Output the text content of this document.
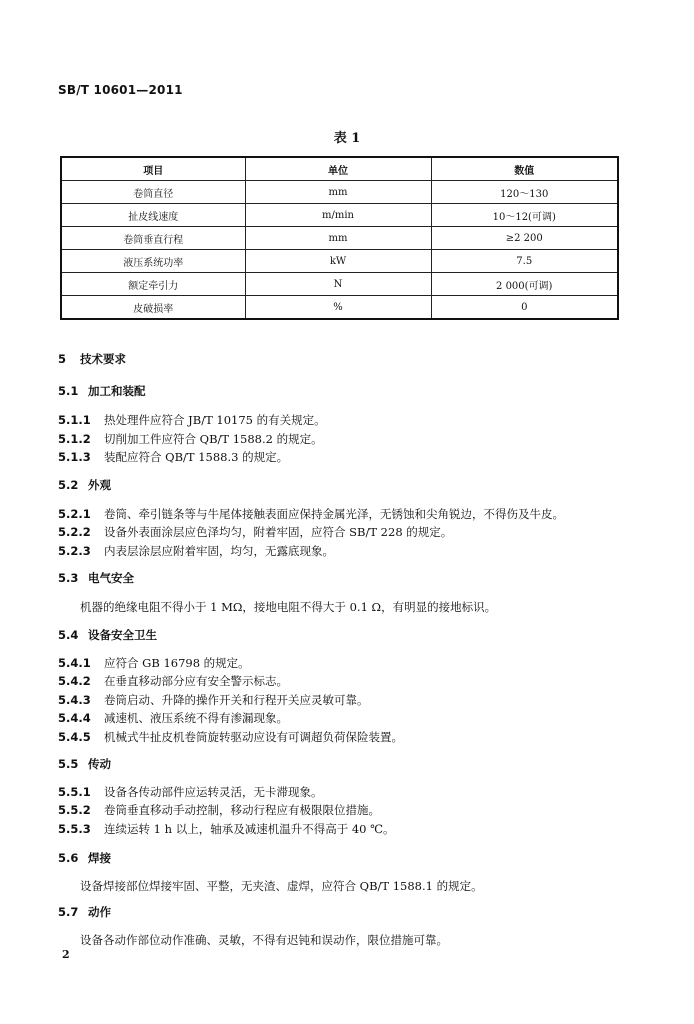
SB/T 10601—2011
表 1
项目	单位	数值
卷筒直径	mm	120～130
扯皮线速度	m/min	10～12(可调)
卷筒垂直行程	mm	≥2 200
液压系统功率	kW	7.5
额定牵引力	N	2 000(可调)
皮破损率	%	0
5 技术要求
5.1 加工和装配
5.1.1 热处理件应符合 JB/T 10175 的有关规定。
5.1.2 切削加工件应符合 QB/T 1588.2 的规定。
5.1.3 装配应符合 QB/T 1588.3 的规定。
5.2 外观
5.2.1 卷筒、牵引链条等与牛尾体接触表面应保持金属光泽，无锈蚀和尖角锐边，不得伤及牛皮。
5.2.2 设备外表面涂层应色泽均匀，附着牢固，应符合 SB/T 228 的规定。
5.2.3 内表层涂层应附着牢固，均匀，无露底现象。
5.3 电气安全
机器的绝缘电阻不得小于 1 MΩ，接地电阻不得大于 0.1 Ω，有明显的接地标识。
5.4 设备安全卫生
5.4.1 应符合 GB 16798 的规定。
5.4.2 在垂直移动部分应有安全警示标志。
5.4.3 卷筒启动、升降的操作开关和行程开关应灵敏可靠。
5.4.4 减速机、液压系统不得有渗漏现象。
5.4.5 机械式牛扯皮机卷筒旋转驱动应设有可调超负荷保险装置。
5.5 传动
5.5.1 设备各传动部件应运转灵活，无卡滞现象。
5.5.2 卷筒垂直移动手动控制，移动行程应有极限限位措施。
5.5.3 连续运转 1 h 以上，轴承及减速机温升不得高于 40 ℃。
5.6 焊接
设备焊接部位焊接牢固、平整，无夹渣、虚焊，应符合 QB/T 1588.1 的规定。
5.7 动作
设备各动作部位动作准确、灵敏，不得有迟钝和误动作，限位措施可靠。
2
